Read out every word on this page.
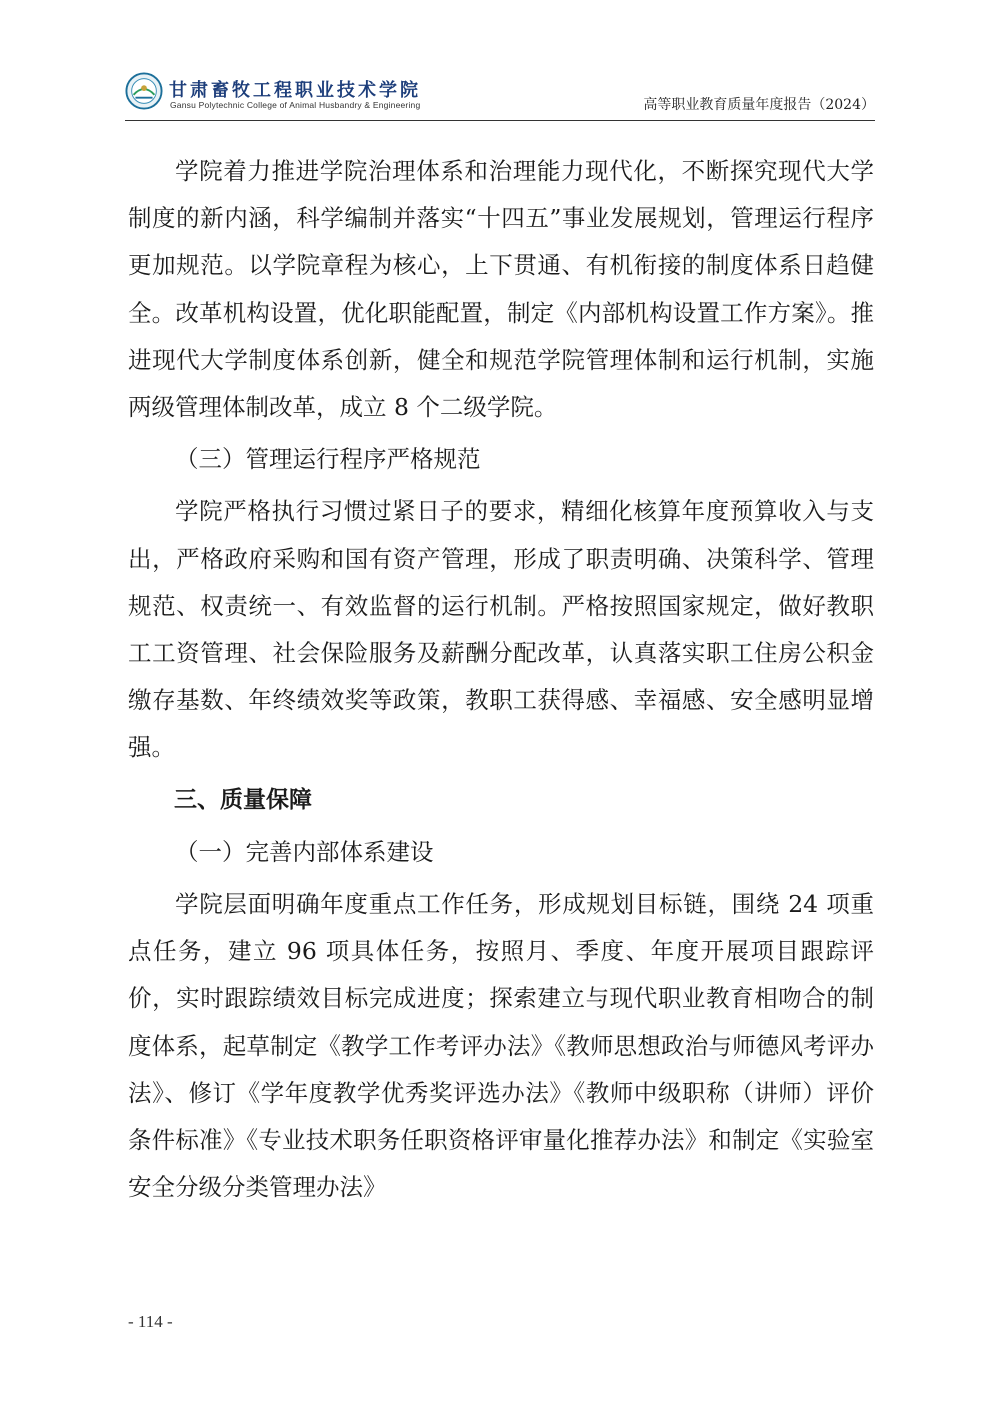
甘肃畜牧工程职业技术学院
Gansu Polytechnic College of Animal Husbandry & Engineering	高等职业教育质量年度报告（2024）

学院着力推进学院治理体系和治理能力现代化，不断探究现代大学制度的新内涵，科学编制并落实“十四五”事业发展规划，管理运行程序更加规范。以学院章程为核心，上下贯通、有机衔接的制度体系日趋健全。改革机构设置，优化职能配置，制定《内部机构设置工作方案》。推进现代大学制度体系创新，健全和规范学院管理体制和运行机制，实施两级管理体制改革，成立 8 个二级学院。

（三）管理运行程序严格规范

学院严格执行习惯过紧日子的要求，精细化核算年度预算收入与支出，严格政府采购和国有资产管理，形成了职责明确、决策科学、管理规范、权责统一、有效监督的运行机制。严格按照国家规定，做好教职工工资管理、社会保险服务及薪酬分配改革，认真落实职工住房公积金缴存基数、年终绩效奖等政策，教职工获得感、幸福感、安全感明显增强。

三、质量保障

（一）完善内部体系建设

学院层面明确年度重点工作任务，形成规划目标链，围绕 24 项重点任务，建立 96 项具体任务，按照月、季度、年度开展项目跟踪评价，实时跟踪绩效目标完成进度；探索建立与现代职业教育相吻合的制度体系，起草制定《教学工作考评办法》《教师思想政治与师德风考评办法》、修订《学年度教学优秀奖评选办法》《教师中级职称（讲师）评价条件标准》《专业技术职务任职资格评审量化推荐办法》和制定《实验室安全分级分类管理办法》

- 114 -
